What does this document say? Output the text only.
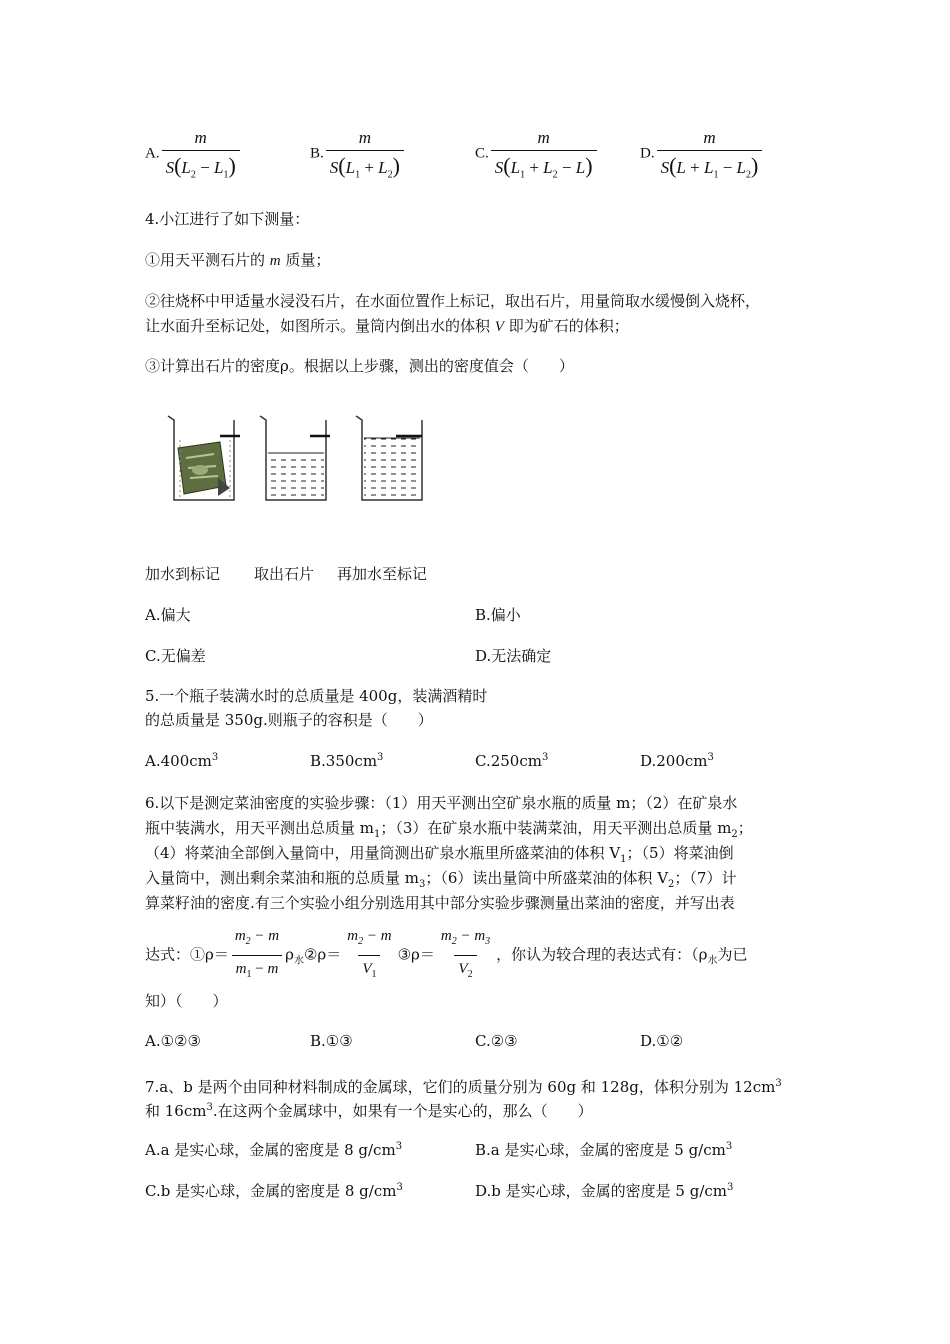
A. $\frac{m}{S(L_2 - L_1)}$	B. $\frac{m}{S(L_1 + L_2)}$	C. $\frac{m}{S(L_1 + L_2 - L)}$	D. $\frac{m}{S(L + L_1 - L_2)}$
4.小江进行了如下测量：
①用天平测石片的 m 质量；
②往烧杯中甲适量水浸没石片，在水面位置作上标记，取出石片，用量筒取水缓慢倒入烧杯，
让水面升至标记处，如图所示。量筒内倒出水的体积 V 即为矿石的体积；
③计算出石片的密度ρ。根据以上步骤，测出的密度值会（　　）
加水到标记 取出石片 再加水至标记
A.偏大	B.偏小
C.无偏差	D.无法确定
5.一个瓶子装满水时的总质量是 400g，装满酒精时
的总质量是 350g.则瓶子的容积是（　　）
$A.400cm^3$	$B.350cm^3$	$C.250cm^3$	$D.200cm^3$
6.以下是测定菜油密度的实验步骤：（1）用天平测出空矿泉水瓶的质量 m；（2）在矿泉水
瓶中装满水，用天平测出总质量 $m_1$；（3）在矿泉水瓶中装满菜油，用天平测出总质量 $m_2$；
（4）将菜油全部倒入量筒中，用量筒测出矿泉水瓶里所盛菜油的体积 $V_1$；（5）将菜油倒
入量筒中，测出剩余菜油和瓶的总质量 $m_3$；（6）读出量筒中所盛菜油的体积 $V_2$；（7）计
算菜籽油的密度.有三个实验小组分别选用其中部分实验步骤测量出菜油的密度，并写出表
达式：①ρ＝ $\frac{m_2 - m}{m_1 - m}$ $\rho_水②\rho= \frac{m_2 - m}{V_1}$ ③ρ＝ $\frac{m_2 - m_3}{V_2}$ ，你认为较合理的表达式有：（$\rho_水$为已
知）（　　）
A.①②③	B.①③	C.②③	D.①②
7.a、b 是两个由同种材料制成的金属球，它们的质量分别为 60g 和 128g，体积分别为 $12cm^3$
和 $16cm^3$.在这两个金属球中，如果有一个是实心的，那么（　　）
A.a 是实心球，金属的密度是 8 $g/cm^3$	B.a 是实心球，金属的密度是 5 $g/cm^3$
C.b 是实心球，金属的密度是 8 $g/cm^3$	D.b 是实心球，金属的密度是 5 $g/cm^3$
